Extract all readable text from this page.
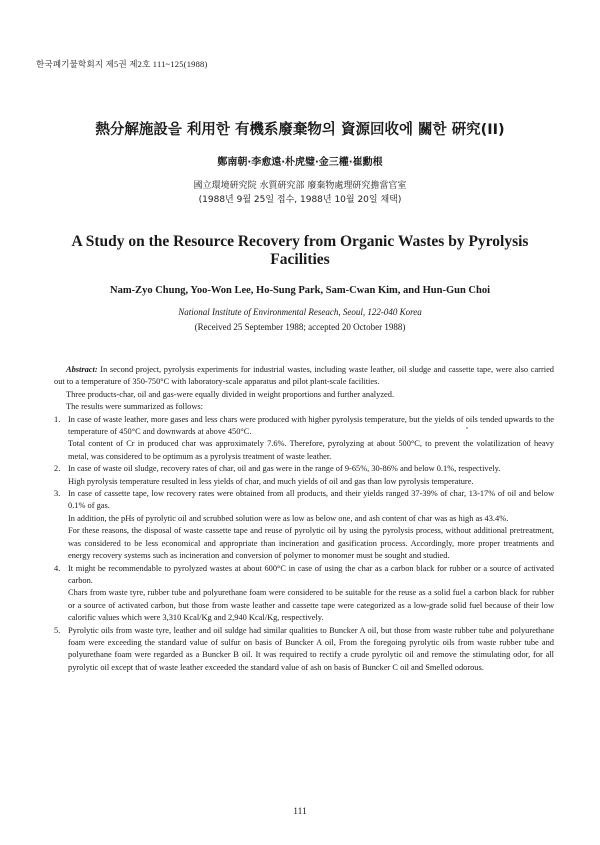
한국폐기물학회지 제5권 제2호 111~125(1988)
熱分解施設을 利用한 有機系廢棄物의 資源回收에 關한 硏究(II)
鄭南朝·李愈遠·朴虎璧·金三權·崔勳根
國立環境硏究院 水質硏究部 廢棄物處理硏究擔當官室
(1988년 9월 25일 접수, 1988년 10월 20일 채택)
A Study on the Resource Recovery from Organic Wastes by Pyrolysis Facilities
Nam-Zyo Chung, Yoo-Won Lee, Ho-Sung Park, Sam-Cwan Kim, and Hun-Gun Choi
National Institute of Environmental Reseach, Seoul, 122-040 Korea
(Received 25 September 1988; accepted 20 October 1988)

Abstract: In second project, pyrolysis experiments for industrial wastes, including waste leather, oil sludge and cassette tape, were also carried out to a temperature of 350-750°C with laboratory-scale apparatus and pilot plant-scale facilities.

Three products-char, oil and gas-were equally divided in weight proportions and further analyzed.

The results were summarized as follows:

1. In case of waste leather, more gases and less chars were produced with higher pyrolysis temperature, but the yields of oils tended upwards to the temperature of 450°C and downwards at above 450°C.

Total content of Cr in produced char was approximately 7.6%. Therefore, pyrolyzing at about 500°C, to prevent the volatilization of heavy metal, was considered to be optimum as a pyrolysis treatment of waste leather.

2. In case of waste oil sludge, recovery rates of char, oil and gas were in the range of 9-65%, 30-86% and below 0.1%, respectively.

High pyrolysis temperature resulted in less yields of char, and much yields of oil and gas than low pyrolysis temperature.

3. In case of cassette tape, low recovery rates were obtained from all products, and their yields ranged 37-39% of char, 13-17% of oil and below 0.1% of gas.

In addition, the pHs of pyrolytic oil and scrubbed solution were as low as below one, and ash content of char was as high as 43.4%.

For these reasons, the disposal of waste cassette tape and reuse of pyrolytic oil by using the pyrolysis process, without additional pretreatment, was considered to be less economical and appropriate than incineration and gasification process. Accordingly, more proper treatments and energy recovery systems such as incineration and conversion of polymer to monomer must be sought and studied.

4. It might be recommendable to pyrolyzed wastes at about 600°C in case of using the char as a carbon black for rubber or a source of activated carbon.

Chars from waste tyre, rubber tube and polyurethane foam were considered to be suitable for the reuse as a solid fuel a carbon black for rubber or a source of activated carbon, but those from waste leather and cassette tape were categorized as a low-grade solid fuel because of their low calorific values which were 3,310 Kcal/Kg and 2,940 Kcal/Kg, respectively.

5. Pyrolytic oils from waste tyre, leather and oil suldge had similar qualities to Buncker A oil, but those from waste rubber tube and polyurethane foam were exceeding the standard value of sulfur on basis of Buncker A oil, From the foregoing pyrolytic oils from waste rubber tube and polyurethane foam were regarded as a Buncker B oil. It was required to rectify a crude pyrolytic oil and remove the stimulating odor, for all pyrolytic oil except that of waste leather exceeded the standard value of ash on basis of Buncker C oil and Smelled odorous.

111
